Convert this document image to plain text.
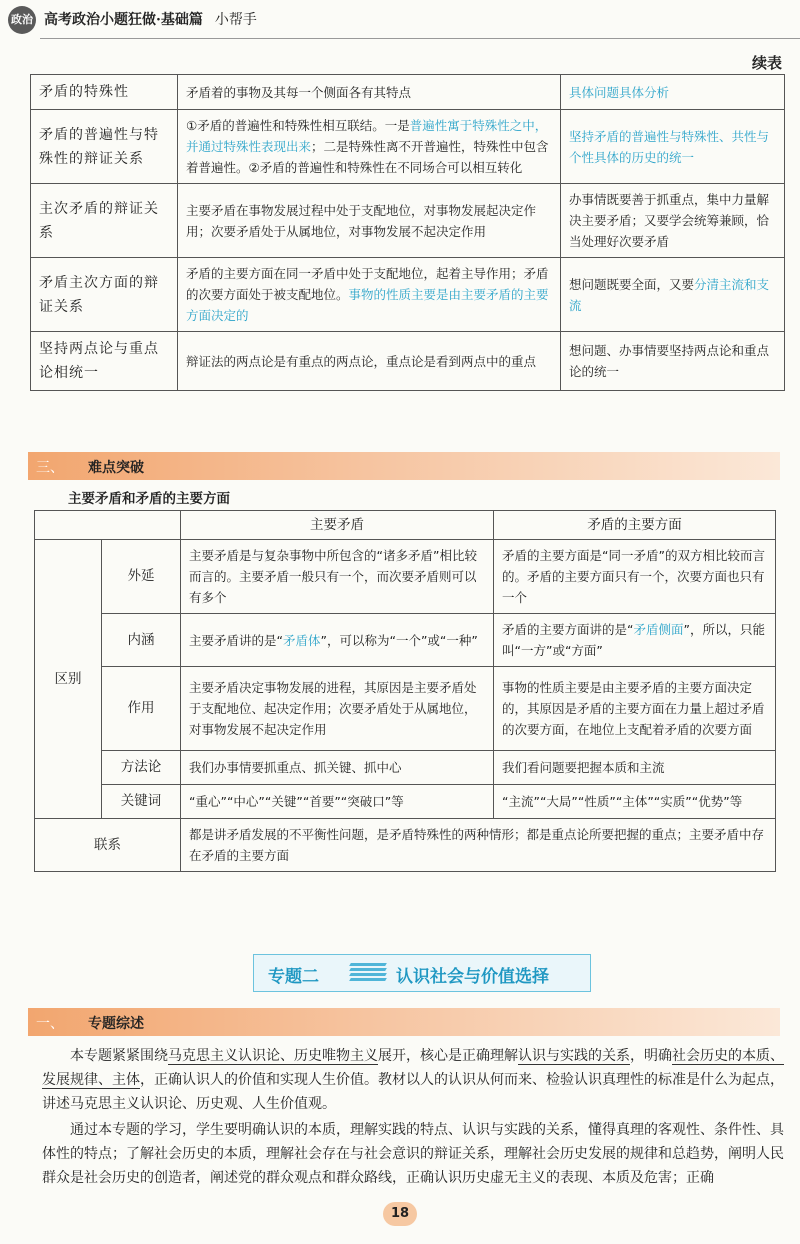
政治 高考政治小题狂做·基础篇 小帮手
续表
矛盾的特殊性	矛盾着的事物及其每一个侧面各有其特点	具体问题具体分析
矛盾的普遍性与特殊性的辩证关系	①矛盾的普遍性和特殊性相互联结。一是普遍性寓于特殊性之中，并通过特殊性表现出来；二是特殊性离不开普遍性，特殊性中包含着普遍性。②矛盾的普遍性和特殊性在不同场合可以相互转化	坚持矛盾的普遍性与特殊性、共性与个性具体的历史的统一
主次矛盾的辩证关系	主要矛盾在事物发展过程中处于支配地位，对事物发展起决定作用；次要矛盾处于从属地位，对事物发展不起决定作用	办事情既要善于抓重点，集中力量解决主要矛盾；又要学会统筹兼顾，恰当处理好次要矛盾
矛盾主次方面的辩证关系	矛盾的主要方面在同一矛盾中处于支配地位，起着主导作用；矛盾的次要方面处于被支配地位。事物的性质主要是由主要矛盾的主要方面决定的	想问题既要全面，又要分清主流和支流
坚持两点论与重点论相统一	辩证法的两点论是有重点的两点论，重点论是看到两点中的重点	想问题、办事情要坚持两点论和重点论的统一
三、 难点突破
主要矛盾和矛盾的主要方面
		主要矛盾	矛盾的主要方面
区别	外延	主要矛盾是与复杂事物中所包含的“诸多矛盾”相比较而言的。主要矛盾一般只有一个，而次要矛盾则可以有多个	矛盾的主要方面是“同一矛盾”的双方相比较而言的。矛盾的主要方面只有一个，次要方面也只有一个
	内涵	主要矛盾讲的是“矛盾体”，可以称为“一个”或“一种”	矛盾的主要方面讲的是“矛盾侧面”，所以，只能叫“一方”或“方面”
	作用	主要矛盾决定事物发展的进程，其原因是主要矛盾处于支配地位、起决定作用；次要矛盾处于从属地位，对事物发展不起决定作用	事物的性质主要是由主要矛盾的主要方面决定的，其原因是矛盾的主要方面在力量上超过矛盾的次要方面，在地位上支配着矛盾的次要方面
	方法论	我们办事情要抓重点、抓关键、抓中心	我们看问题要把握本质和主流
	关键词	“重心”“中心”“关键”“首要”“突破口”等	“主流”“大局”“性质”“主体”“实质”“优势”等
联系		都是讲矛盾发展的不平衡性问题，是矛盾特殊性的两种情形；都是重点论所要把握的重点；主要矛盾中存在矛盾的主要方面	
专题二	认识社会与价值选择
一、 专题综述
本专题紧紧围绕马克思主义认识论、历史唯物主义展开，核心是正确理解认识与实践的关系，明确社会历史的本质、发展规律、主体，正确认识人的价值和实现人生价值。教材以人的认识从何而来、检验认识真理性的标准是什么为起点，讲述马克思主义认识论、历史观、人生价值观。
通过本专题的学习，学生要明确认识的本质，理解实践的特点、认识与实践的关系，懂得真理的客观性、条件性、具体性的特点；了解社会历史的本质，理解社会存在与社会意识的辩证关系，理解社会历史发展的规律和总趋势，阐明人民群众是社会历史的创造者，阐述党的群众观点和群众路线，正确认识历史虚无主义的表现、本质及危害；正确
18
